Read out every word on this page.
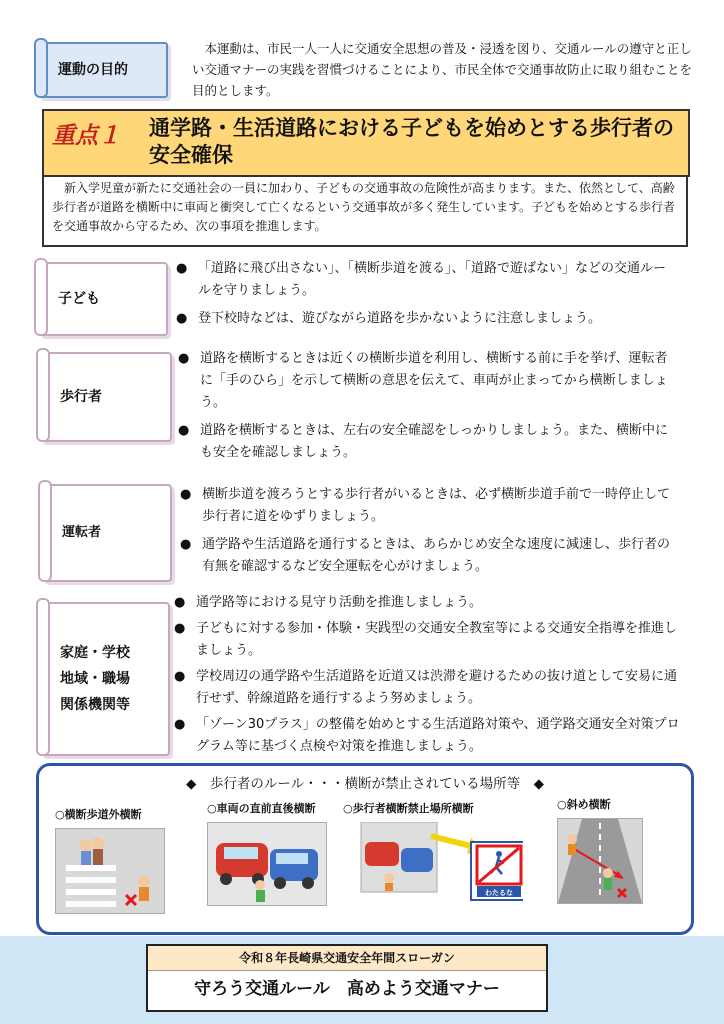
運動の目的
本運動は、市民一人一人に交通安全思想の普及・浸透を図り、交通ルールの遵守と正しい交通マナーの実践を習慣づけることにより、市民全体で交通事故防止に取り組むことを目的とします。
重点１ 通学路・生活道路における子どもを始めとする歩行者の安全確保
新入学児童が新たに交通社会の一員に加わり、子どもの交通事故の危険性が高まります。また、依然として、高齢歩行者が道路を横断中に車両と衝突して亡くなるという交通事故が多く発生しています。子どもを始めとする歩行者を交通事故から守るため、次の事項を推進します。
子ども
● 「道路に飛び出さない」、「横断歩道を渡る」、「道路で遊ばない」などの交通ルールを守りましょう。
● 登下校時などは、遊びながら道路を歩かないように注意しましょう。
歩行者
● 道路を横断するときは近くの横断歩道を利用し、横断する前に手を挙げ、運転者に「手のひら」を示して横断の意思を伝えて、車両が止まってから横断しましょう。
● 道路を横断するときは、左右の安全確認をしっかりしましょう。また、横断中にも安全を確認しましょう。
運転者
● 横断歩道を渡ろうとする歩行者がいるときは、必ず横断歩道手前で一時停止して歩行者に道をゆずりましょう。
● 通学路や生活道路を通行するときは、あらかじめ安全な速度に減速し、歩行者の有無を確認するなど安全運転を心がけましょう。
家庭・学校
地域・職場
関係機関等
● 通学路等における見守り活動を推進しましょう。
● 子どもに対する参加・体験・実践型の交通安全教室等による交通安全指導を推進しましょう。
● 学校周辺の通学路や生活道路を近道又は渋滞を避けるための抜け道として安易に通行せず、幹線道路を通行するよう努めましょう。
● 「ゾーン30プラス」の整備を始めとする生活道路対策や、通学路交通安全対策プログラム等に基づく点検や対策を推進しましょう。
◆　歩行者のルール・・・横断が禁止されている場所等　◆
○横断歩道外横断	○車両の直前直後横断	○歩行者横断禁止場所横断
わたるな
○斜め横断
令和８年長崎県交通安全年間スローガン
守ろう交通ルール　高めよう交通マナー
